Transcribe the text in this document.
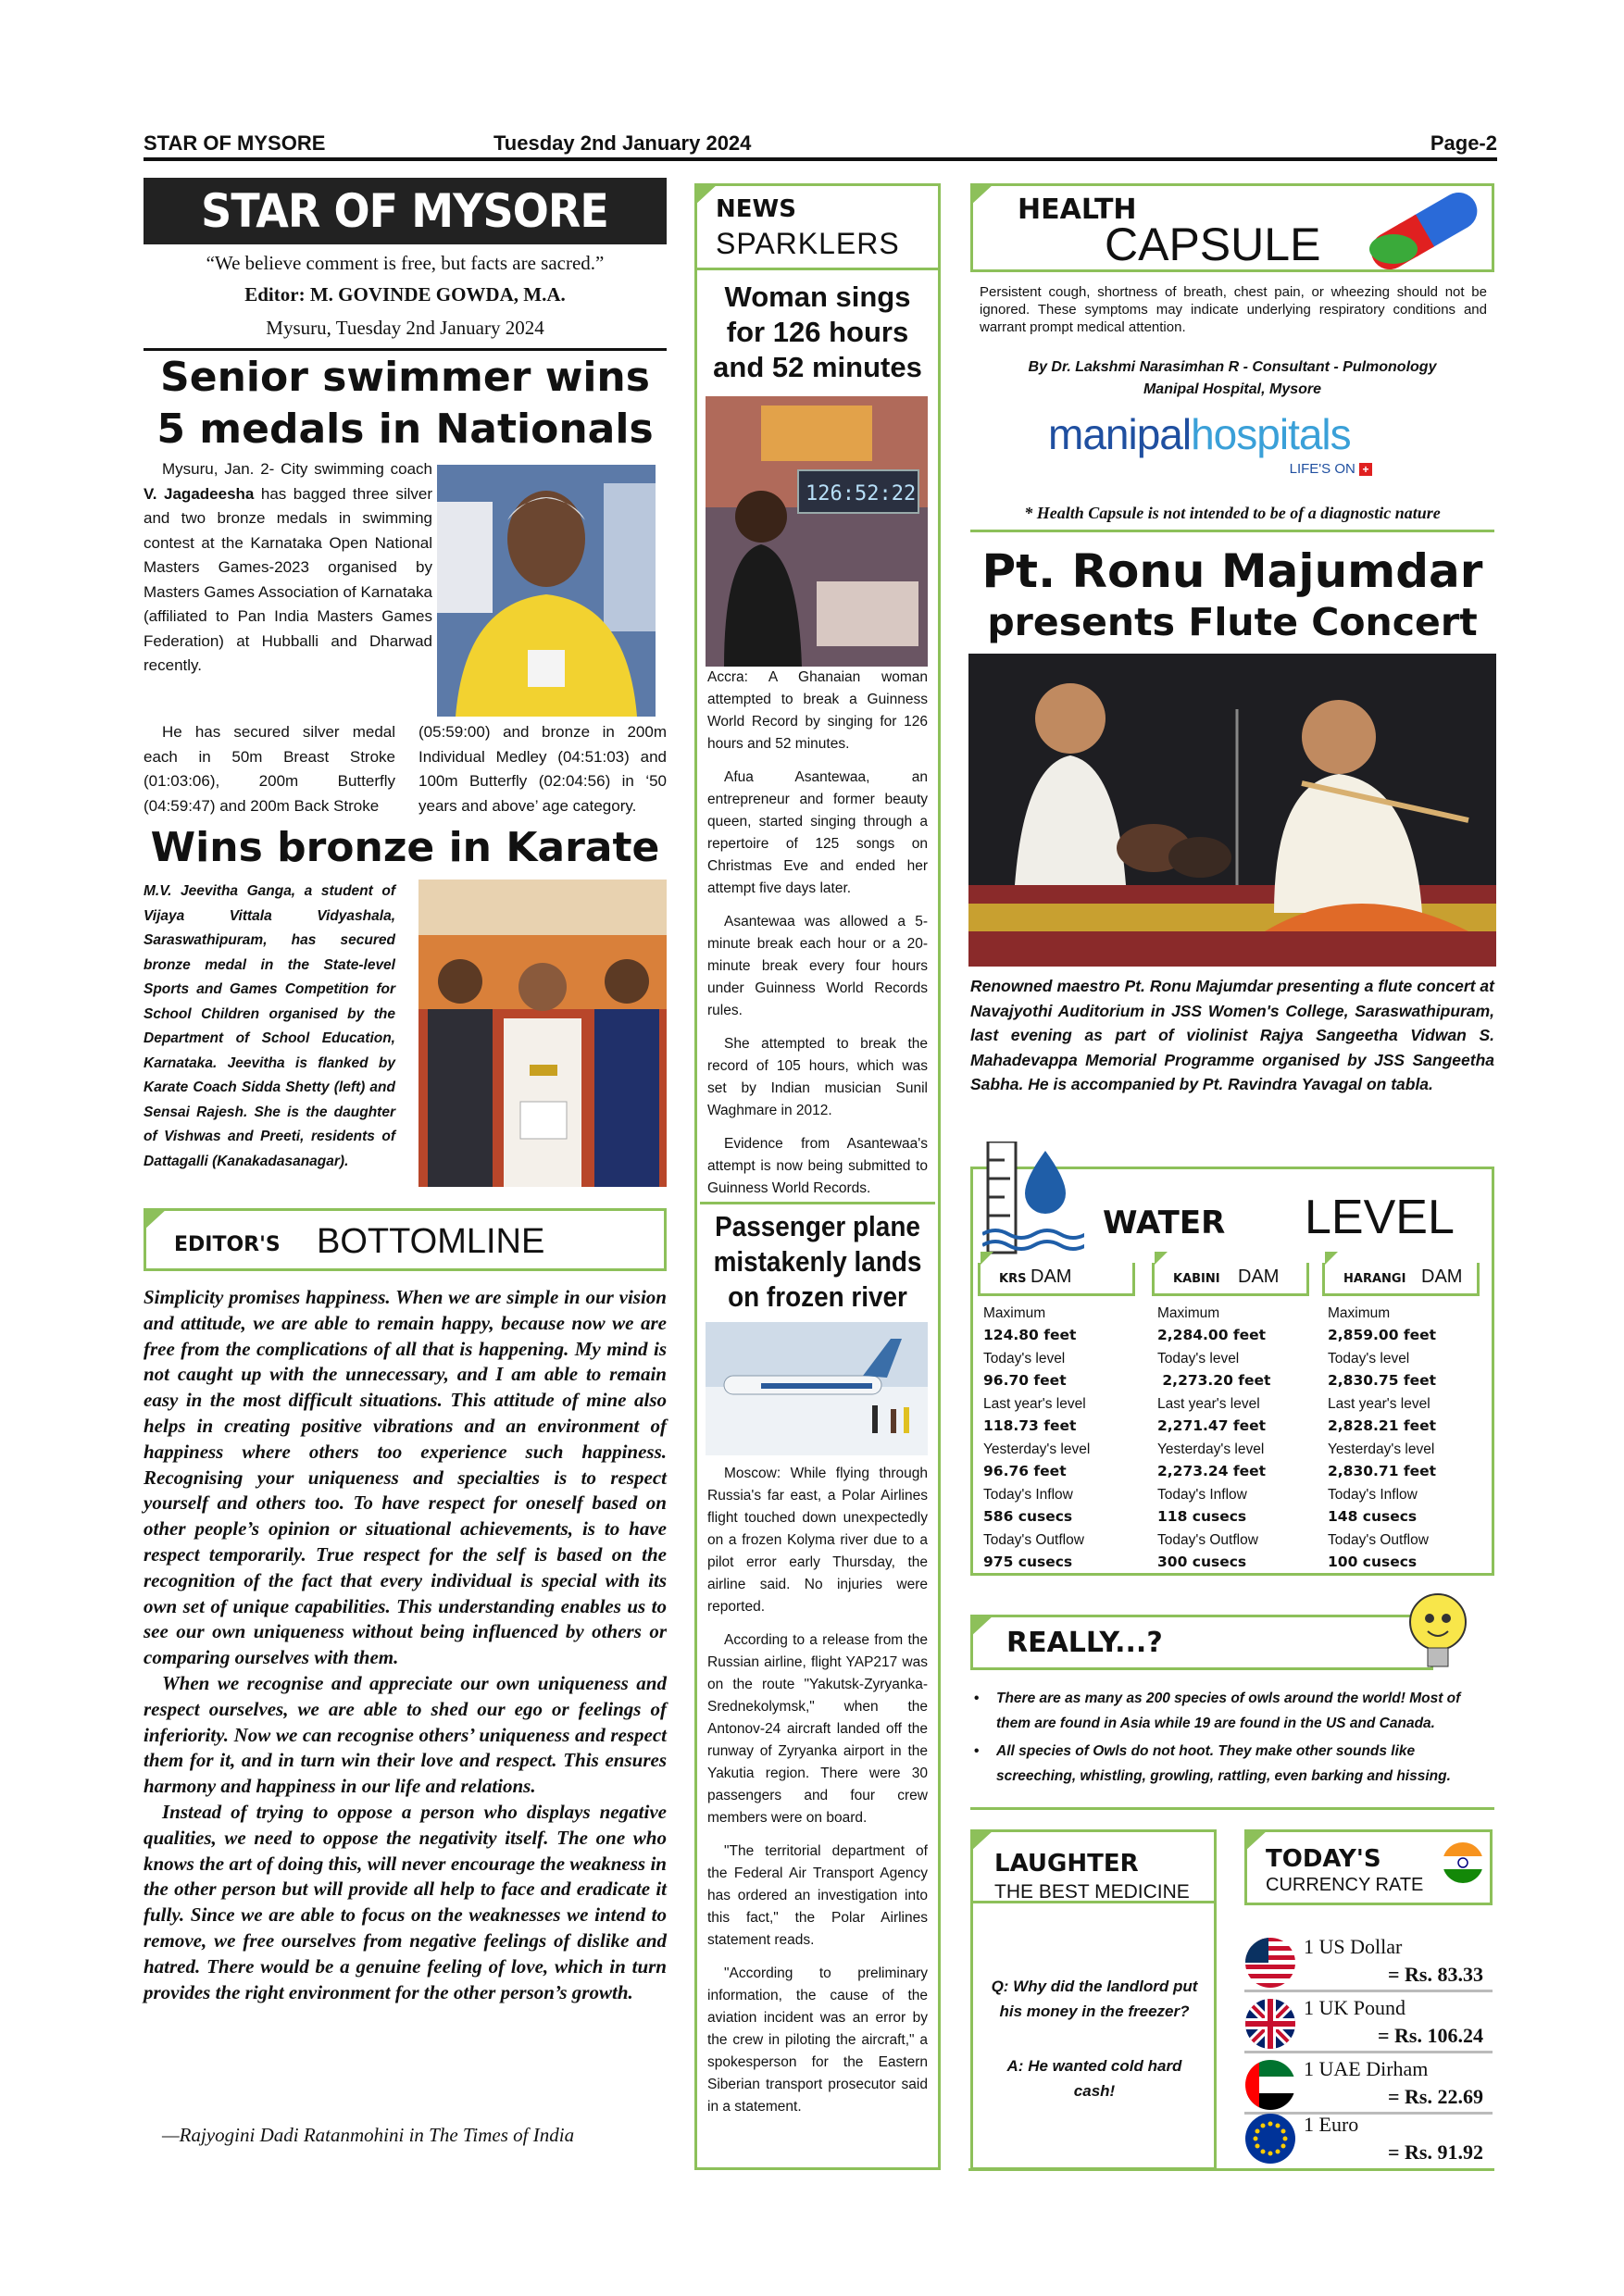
STAR OF MYSORE	Tuesday 2nd January 2024	Page-2
STAR OF MYSORE
“We believe comment is free, but facts are sacred.”
Editor: M. GOVINDE GOWDA, M.A.
Mysuru, Tuesday 2nd January 2024
Senior swimmer wins
5 medals in Nationals
Mysuru, Jan. 2- City swimming coach V. Jagadeesha has bagged three silver and two bronze medals in swimming contest at the Karnataka Open National Masters Games-2023 organised by Masters Games Association of Karnataka (affiliated to Pan India Masters Games Federation) at Hubballi and Dharwad recently.
He has secured silver medal each in 50m Breast Stroke (01:03:06), 200m Butterfly (04:59:47) and 200m Back Stroke
(05:59:00) and bronze in 200m Individual Medley (04:51:03) and 100m Butterfly (02:04:56) in ‘50 years and above’ age category.
Wins bronze in Karate
M.V. Jeevitha Ganga, a student of Vijaya Vittala Vidyashala, Saraswathipuram, has secured bronze medal in the State-level Sports and Games Competition for School Children organised by the Department of School Education, Karnataka. Jeevitha is flanked by Karate Coach Sidda Shetty (left) and Sensai Rajesh. She is the daughter of Vishwas and Preeti, residents of Dattagalli (Kanakadasanagar).
EDITOR'S BOTTOMLINE

Simplicity promises happiness. When we are simple in our vision and attitude, we are able to remain happy, because now we are free from the complications of all that is happening. My mind is not caught up with the unnecessary, and I am able to remain easy in the most difficult situations. This attitude of mine also helps in creating positive vibrations and an environment of happiness where others too experience such happiness. Recognising your uniqueness and specialties is to respect yourself and others too. To have respect for oneself based on other people’s opinion or situational achievements, is to have respect temporarily. True respect for the self is based on the recognition of the fact that every individual is special with its own set of unique capabilities. This understanding enables us to see our own uniqueness without being influenced by others or comparing ourselves with them.

When we recognise and appreciate our own uniqueness and respect ourselves, we are able to shed our ego or feelings of inferiority. Now we can recognise others’ uniqueness and respect them for it, and in turn win their love and respect. This ensures harmony and happiness in our life and relations.

Instead of trying to oppose a person who displays negative qualities, we need to oppose the negativity itself. The one who knows the art of doing this, will never encourage the weakness in the other person but will provide all help to face and eradicate it fully. Since we are able to focus on the weaknesses we intend to remove, we free ourselves from negative feelings of dislike and hatred. There would be a genuine feeling of love, which in turn provides the right environment for the other person’s growth.

—Rajyogini Dadi Ratanmohini in The Times of India
NEWS
SPARKLERS
Woman sings for 126 hours and 52 minutes
126:52:22

Accra: A Ghanaian woman attempted to break a Guinness World Record by singing for 126 hours and 52 minutes.

Afua Asantewaa, an entrepreneur and former beauty queen, started singing through a repertoire of 125 songs on Christmas Eve and ended her attempt five days later.

Asantewaa was allowed a 5-minute break each hour or a 20-minute break every four hours under Guinness World Records rules.

She attempted to break the record of 105 hours, which was set by Indian musician Sunil Waghmare in 2012.

Evidence from Asantewaa's attempt is now being submitted to Guinness World Records.

Passenger plane mistakenly lands on frozen river

Moscow: While flying through Russia's far east, a Polar Airlines flight touched down unexpectedly on a frozen Kolyma river due to a pilot error early Thursday, the airline said. No injuries were reported.

According to a release from the Russian airline, flight YAP217 was on the route "Yakutsk-Zyryanka-Srednekolymsk," when the Antonov-24 aircraft landed off the runway of Zyryanka airport in the Yakutia region. There were 30 passengers and four crew members were on board.

"The territorial department of the Federal Air Transport Agency has ordered an investigation into this fact," the Polar Airlines statement reads.

"According to preliminary information, the cause of the aviation incident was an error by the crew in piloting the aircraft," a spokesperson for the Eastern Siberian transport prosecutor said in a statement.

HEALTH
CAPSULE
Persistent cough, shortness of breath, chest pain, or wheezing should not be ignored. These symptoms may indicate underlying respiratory conditions and warrant prompt medical attention.
By Dr. Lakshmi Narasimhan R - Consultant - Pulmonology
Manipal Hospital, Mysore
manipalhospitals
LIFE'S ON +
* Health Capsule is not intended to be of a diagnostic nature
Pt. Ronu Majumdar
presents Flute Concert
Renowned maestro Pt. Ronu Majumdar presenting a flute concert at Navajyothi Auditorium in JSS Women's College, Saraswathipuram, last evening as part of violinist Rajya Sangeetha Vidwan S. Mahadevappa Memorial Programme organised by JSS Sangeetha Sabha. He is accompanied by Pt. Ravindra Yavagal on tabla.
WATER LEVEL
KRS DAM
Maximum
124.80 feet
Today's level
96.70 feet
Last year's level
118.73 feet
Yesterday's level
96.76 feet
Today's Inflow
586 cusecs
Today's Outflow
975 cusecs
KABINI DAM
Maximum
2,284.00 feet
Today's level
2,273.20 feet
Last year's level
2,271.47 feet
Yesterday's level
2,273.24 feet
Today's Inflow
118 cusecs
Today's Outflow
300 cusecs
HARANGI DAM
Maximum
2,859.00 feet
Today's level
2,830.75 feet
Last year's level
2,828.21 feet
Yesterday's level
2,830.71 feet
Today's Inflow
148 cusecs
Today's Outflow
100 cusecs
REALLY...?
• There are as many as 200 species of owls around the world! Most of them are found in Asia while 19 are found in the US and Canada.
• All species of Owls do not hoot. They make other sounds like screeching, whistling, growling, rattling, even barking and hissing.
LAUGHTER
THE BEST MEDICINE
Q: Why did the landlord put his money in the freezer?
A: He wanted cold hard cash!
TODAY'S
CURRENCY RATE
1 US Dollar
= Rs. 83.33
1 UK Pound
= Rs. 106.24
1 UAE Dirham
= Rs. 22.69
1 Euro
= Rs. 91.92
